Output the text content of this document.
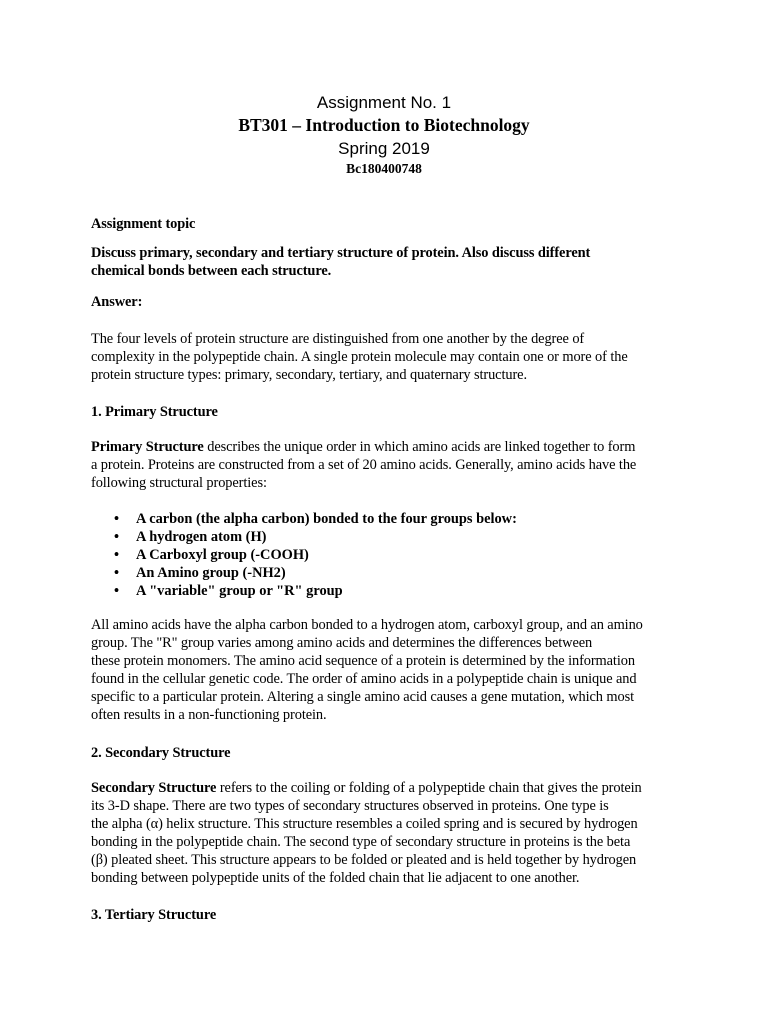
Assignment No. 1
BT301 – Introduction to Biotechnology
Spring 2019
Bc180400748
Assignment topic
Discuss primary, secondary and tertiary structure of protein. Also discuss different
chemical bonds between each structure.
Answer:
The four levels of protein structure are distinguished from one another by the degree of
complexity in the polypeptide chain. A single protein molecule may contain one or more of the
protein structure types: primary, secondary, tertiary, and quaternary structure.
1. Primary Structure
Primary Structure describes the unique order in which amino acids are linked together to form
a protein. Proteins are constructed from a set of 20 amino acids. Generally, amino acids have the
following structural properties:
•	A carbon (the alpha carbon) bonded to the four groups below:
•	A hydrogen atom (H)
•	A Carboxyl group (-COOH)
•	An Amino group (-NH2)
•	A "variable" group or "R" group
All amino acids have the alpha carbon bonded to a hydrogen atom, carboxyl group, and an amino
group. The "R" group varies among amino acids and determines the differences between
these protein monomers. The amino acid sequence of a protein is determined by the information
found in the cellular genetic code. The order of amino acids in a polypeptide chain is unique and
specific to a particular protein. Altering a single amino acid causes a gene mutation, which most
often results in a non-functioning protein.
2. Secondary Structure
Secondary Structure refers to the coiling or folding of a polypeptide chain that gives the protein
its 3-D shape. There are two types of secondary structures observed in proteins. One type is
the alpha (α) helix structure. This structure resembles a coiled spring and is secured by hydrogen
bonding in the polypeptide chain. The second type of secondary structure in proteins is the beta
(β) pleated sheet. This structure appears to be folded or pleated and is held together by hydrogen
bonding between polypeptide units of the folded chain that lie adjacent to one another.
3. Tertiary Structure
